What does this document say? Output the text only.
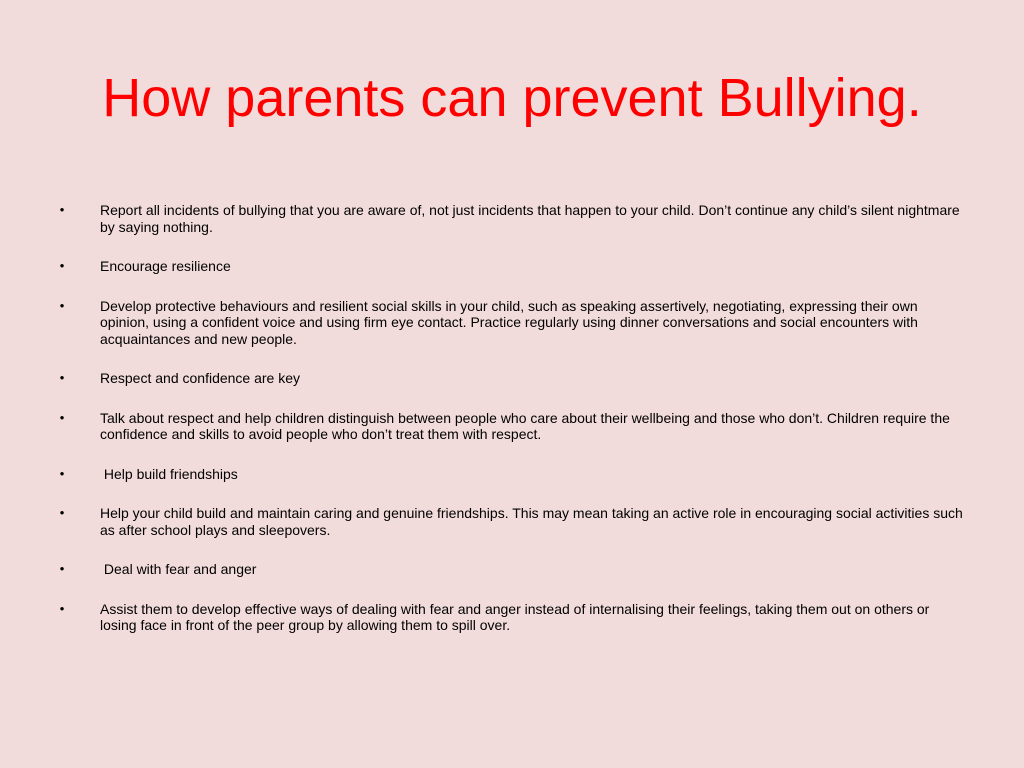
How parents can prevent Bullying.
•	Report all incidents of bullying that you are aware of, not just incidents that happen to your child. Don’t continue any child’s silent nightmare by saying nothing.
•	Encourage resilience
•	Develop protective behaviours and resilient social skills in your child, such as speaking assertively, negotiating, expressing their own opinion, using a confident voice and using firm eye contact. Practice regularly using dinner conversations and social encounters with acquaintances and new people.
•	Respect and confidence are key
•	Talk about respect and help children distinguish between people who care about their wellbeing and those who don’t. Children require the confidence and skills to avoid people who don’t treat them with respect.
•	Help build friendships
•	Help your child build and maintain caring and genuine friendships. This may mean taking an active role in encouraging social activities such as after school plays and sleepovers.
•	Deal with fear and anger
•	Assist them to develop effective ways of dealing with fear and anger instead of internalising their feelings, taking them out on others or losing face in front of the peer group by allowing them to spill over.
